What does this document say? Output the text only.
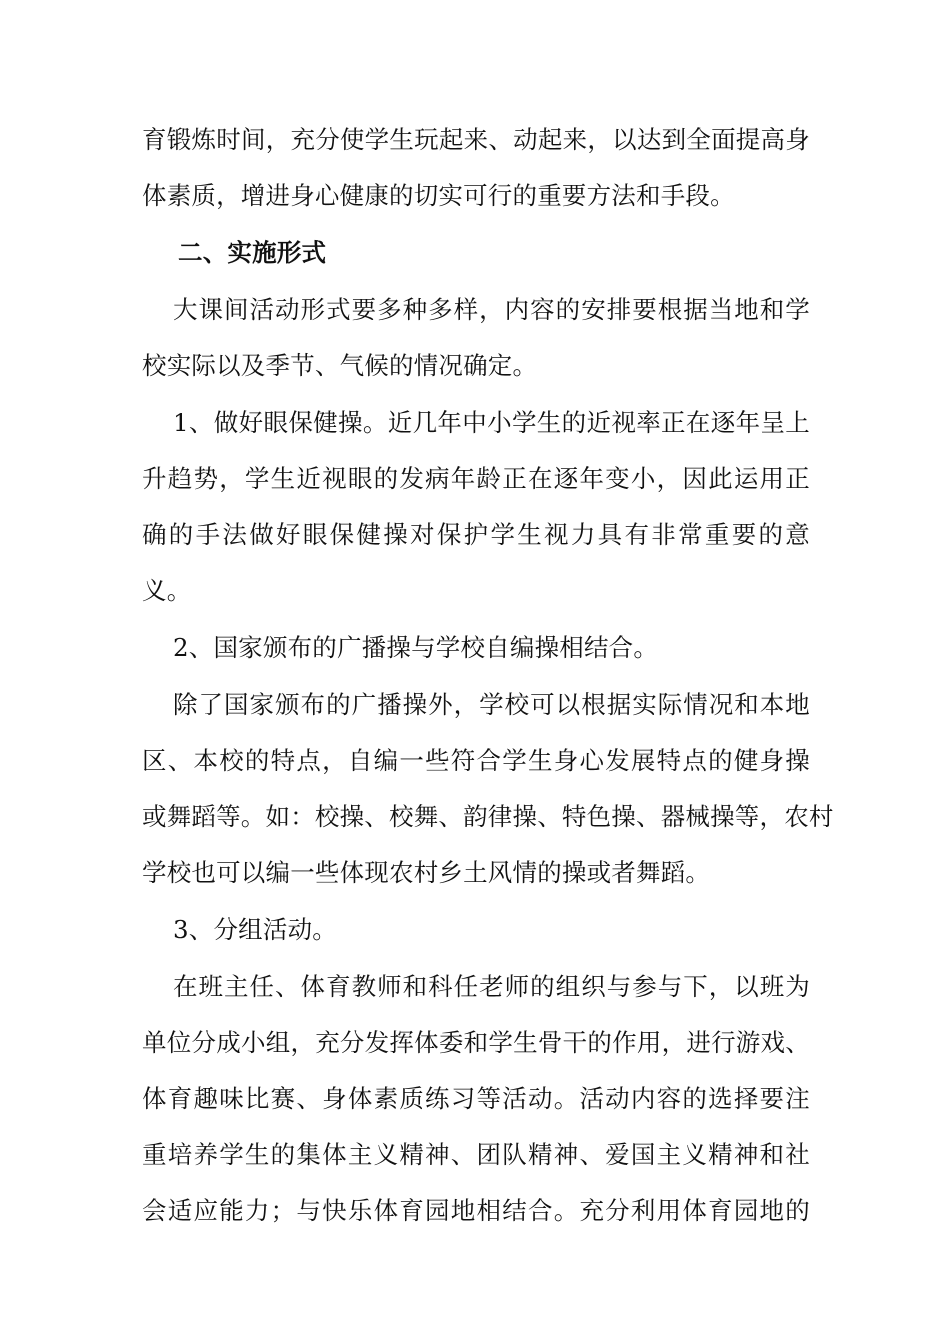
育锻炼时间，充分使学生玩起来、动起来，以达到全面提高身
体素质，增进身心健康的切实可行的重要方法和手段。
二、实施形式
大课间活动形式要多种多样，内容的安排要根据当地和学
校实际以及季节、气候的情况确定。
1、做好眼保健操。近几年中小学生的近视率正在逐年呈上
升趋势，学生近视眼的发病年龄正在逐年变小，因此运用正
确的手法做好眼保健操对保护学生视力具有非常重要的意
义。
2、国家颁布的广播操与学校自编操相结合。
除了国家颁布的广播操外，学校可以根据实际情况和本地
区、本校的特点，自编一些符合学生身心发展特点的健身操
或舞蹈等。如：校操、校舞、韵律操、特色操、器械操等，农村
学校也可以编一些体现农村乡土风情的操或者舞蹈。
3、分组活动。
在班主任、体育教师和科任老师的组织与参与下，以班为
单位分成小组，充分发挥体委和学生骨干的作用，进行游戏、
体育趣味比赛、身体素质练习等活动。活动内容的选择要注
重培养学生的集体主义精神、团队精神、爱国主义精神和社
会适应能力；与快乐体育园地相结合。充分利用体育园地的
